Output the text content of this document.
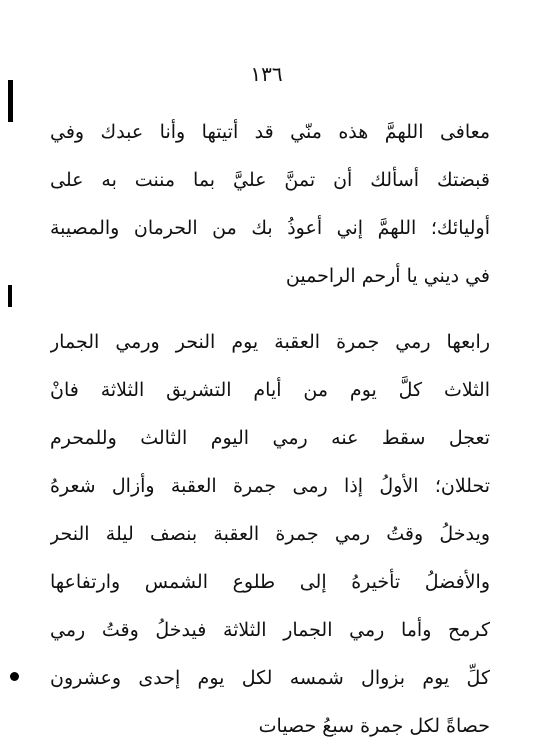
١٣٦
معافى اللهمَّ هذه منّي قد أتيتها وأنا عبدك وفي
قبضتك أسألك أن تمنَّ عليَّ بما مننت به على
أوليائك؛ اللهمَّ إني أعوذُ بك من الحرمان والمصيبة
في ديني يا أرحم الراحمين
رابعها رمي جمرة العقبة يوم النحر ورمي الجمار
الثلاث كلَّ يوم من أيام التشريق الثلاثة فانْ
تعجل سقط عنه رمي اليوم الثالث وللمحرم
تحللان؛ الأولُ إذا رمى جمرة العقبة وأزال شعرهُ
ويدخلُ وقتُ رمي جمرة العقبة بنصف ليلة النحر
والأفضلُ تأخيرهُ إلى طلوع الشمس وارتفاعها
كرمح وأما رمي الجمار الثلاثة فيدخلُ وقتُ رمي
كلِّ يوم بزوال شمسه لكل يوم إحدى وعشرون
حصاةً لكل جمرة سبعُ حصيات
